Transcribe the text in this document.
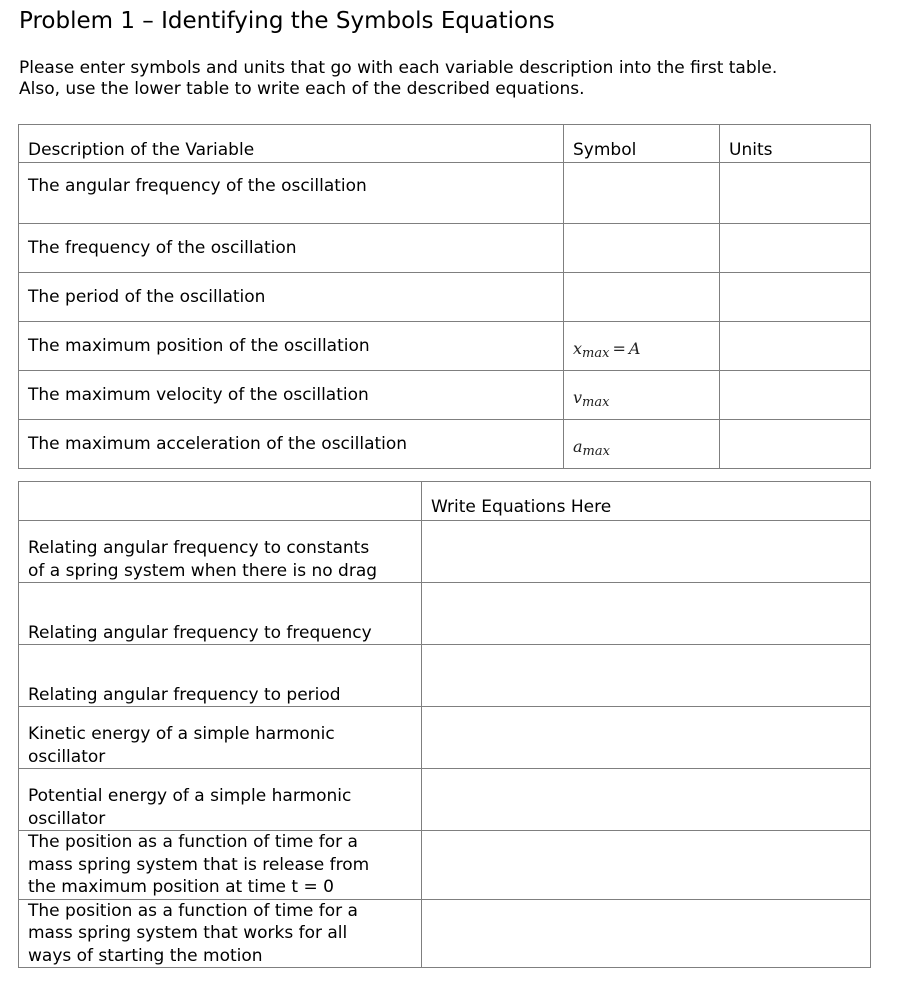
Problem 1 – Identifying the Symbols Equations
Please enter symbols and units that go with each variable description into the first table.
Also, use the lower table to write each of the described equations.
Description of the Variable	Symbol	Units
The angular frequency of the oscillation		
The frequency of the oscillation		
The period of the oscillation		
The maximum position of the oscillation	$x_{max} = A$	
The maximum velocity of the oscillation	$v_{max}$	
The maximum acceleration of the oscillation	$a_{max}$	
	Write Equations Here

Relating angular frequency to constants
of a spring system when there is no drag	

Relating angular frequency to frequency	

Relating angular frequency to period	

Kinetic energy of a simple harmonic
oscillator	

Potential energy of a simple harmonic
oscillator	

The position as a function of time for a
mass spring system that is release from
the maximum position at time t = 0	

The position as a function of time for a
mass spring system that works for all
ways of starting the motion	
